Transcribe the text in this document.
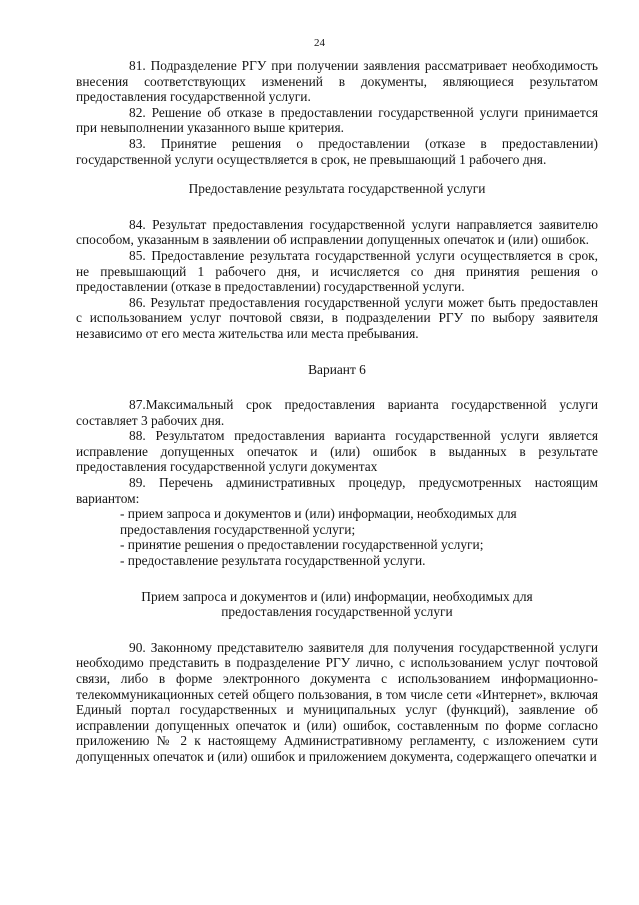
24

81. Подразделение РГУ при получении заявления рассматривает необходимость внесения соответствующих изменений в документы, являющиеся результатом предоставления государственной услуги.

82. Решение об отказе в предоставлении государственной услуги принимается при невыполнении указанного выше критерия.

83. Принятие решения о предоставлении (отказе в предоставлении) государственной услуги осуществляется в срок, не превышающий 1 рабочего дня.

Предоставление результата государственной услуги

84. Результат предоставления государственной услуги направляется заявителю способом, указанным в заявлении об исправлении допущенных опечаток и (или) ошибок.

85. Предоставление результата государственной услуги осуществляется в срок, не превышающий 1 рабочего дня, и исчисляется со дня принятия решения о предоставлении (отказе в предоставлении) государственной услуги.

86. Результат предоставления государственной услуги может быть предоставлен с использованием услуг почтовой связи, в подразделении РГУ по выбору заявителя независимо от его места жительства или места пребывания.

Вариант 6

87.Максимальный срок предоставления варианта государственной услуги составляет 3 рабочих дня.

88. Результатом предоставления варианта государственной услуги является исправление допущенных опечаток и (или) ошибок в выданных в результате предоставления государственной услуги документах

89. Перечень административных процедур, предусмотренных настоящим вариантом:

- прием запроса и документов и (или) информации, необходимых для предоставления государственной услуги;

- принятие решения о предоставлении государственной услуги;

- предоставление результата государственной услуги.

Прием запроса и документов и (или) информации, необходимых для

предоставления государственной услуги

90. Законному представителю заявителя для получения государственной услуги необходимо представить в подразделение РГУ лично, с использованием услуг почтовой связи, либо в форме электронного документа с использованием информационно-телекоммуникационных сетей общего пользования, в том числе сети «Интернет», включая Единый портал государственных и муниципальных услуг (функций), заявление об исправлении допущенных опечаток и (или) ошибок, составленным по форме согласно приложению № 2 к настоящему Административному регламенту, с изложением сути допущенных опечаток и (или) ошибок и приложением документа, содержащего опечатки и
